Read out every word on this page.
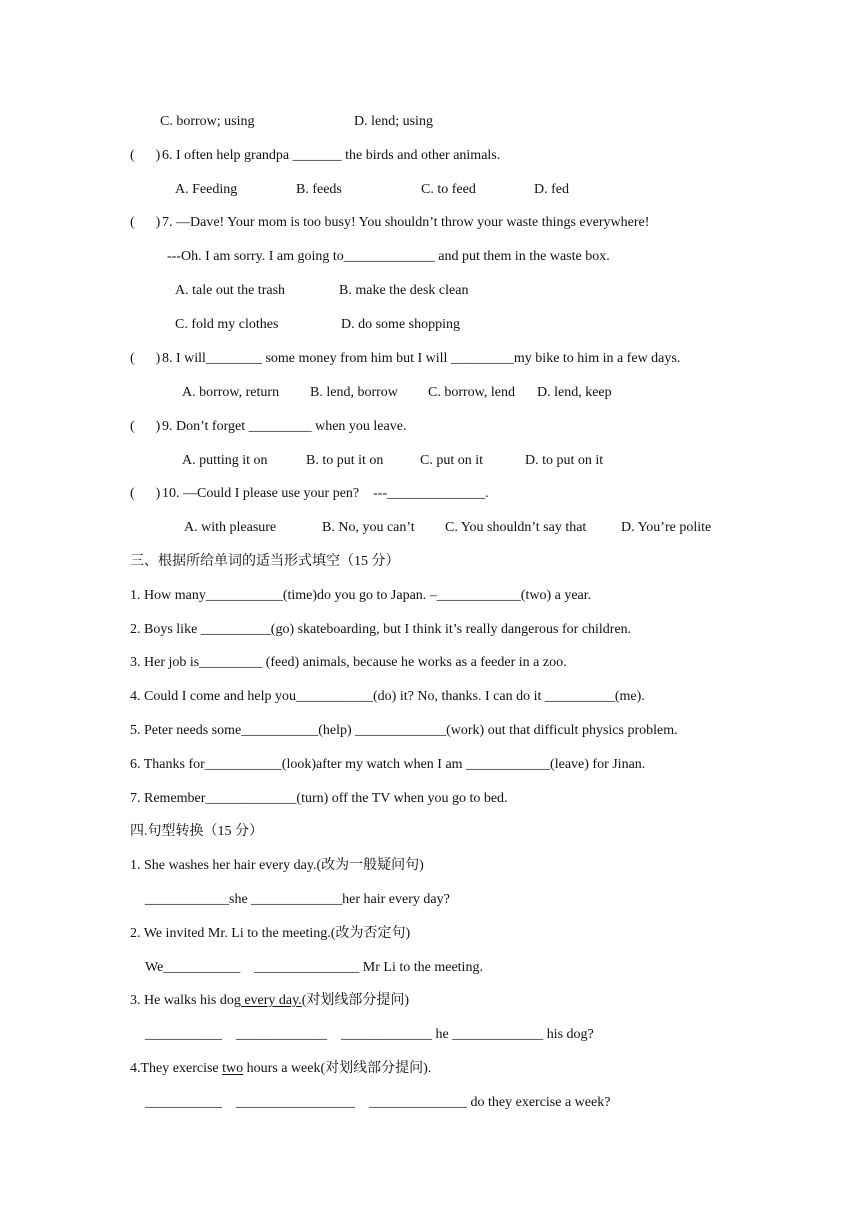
C. borrow; using	D. lend; using
(      ) 6. I often help grandpa _______ the birds and other animals.
A. Feeding	B. feeds	C. to feed	D. fed
(      ) 7. —Dave! Your mom is too busy! You shouldn’t throw your waste things everywhere!
---Oh. I am sorry. I am going to_____________ and put them in the waste box.
A. tale out the trash	B. make the desk clean
C. fold my clothes	D. do some shopping
(      ) 8. I will________ some money from him but I will _________my bike to him in a few days.
A. borrow, return B. lend, borrow C. borrow, lend D. lend, keep
(      ) 9. Don’t forget _________ when you leave.
A. putting it on	B. to put it on	C. put on it	D. to put on it
(      ) 10. —Could I please use your pen?    ---______________.
A. with pleasure	B. No, you can’t C. You shouldn’t say that D. You’re polite
三、根据所给单词的适当形式填空（15 分）
1. How many___________(time)do you go to Japan. –____________(two) a year.
2. Boys like __________(go) skateboarding, but I think it’s really dangerous for children.
3. Her job is_________ (feed) animals, because he works as a feeder in a zoo.
4. Could I come and help you___________(do) it? No, thanks. I can do it __________(me).
5. Peter needs some___________(help) _____________(work) out that difficult physics problem.
6. Thanks for___________(look)after my watch when I am ____________(leave) for Jinan.
7. Remember_____________(turn) off the TV when you go to bed.
四.句型转换（15 分）
1. She washes her hair every day.(改为一般疑问句)
____________she _____________her hair every day?
2. We invited Mr. Li to the meeting.(改为否定句)
We___________    _______________ Mr Li to the meeting.
3. He walks his dog every day.(对划线部分提问)
___________    _____________    _____________ he _____________ his dog?
4.They exercise two hours a week(对划线部分提问).
___________    _________________    ______________ do they exercise a week?
